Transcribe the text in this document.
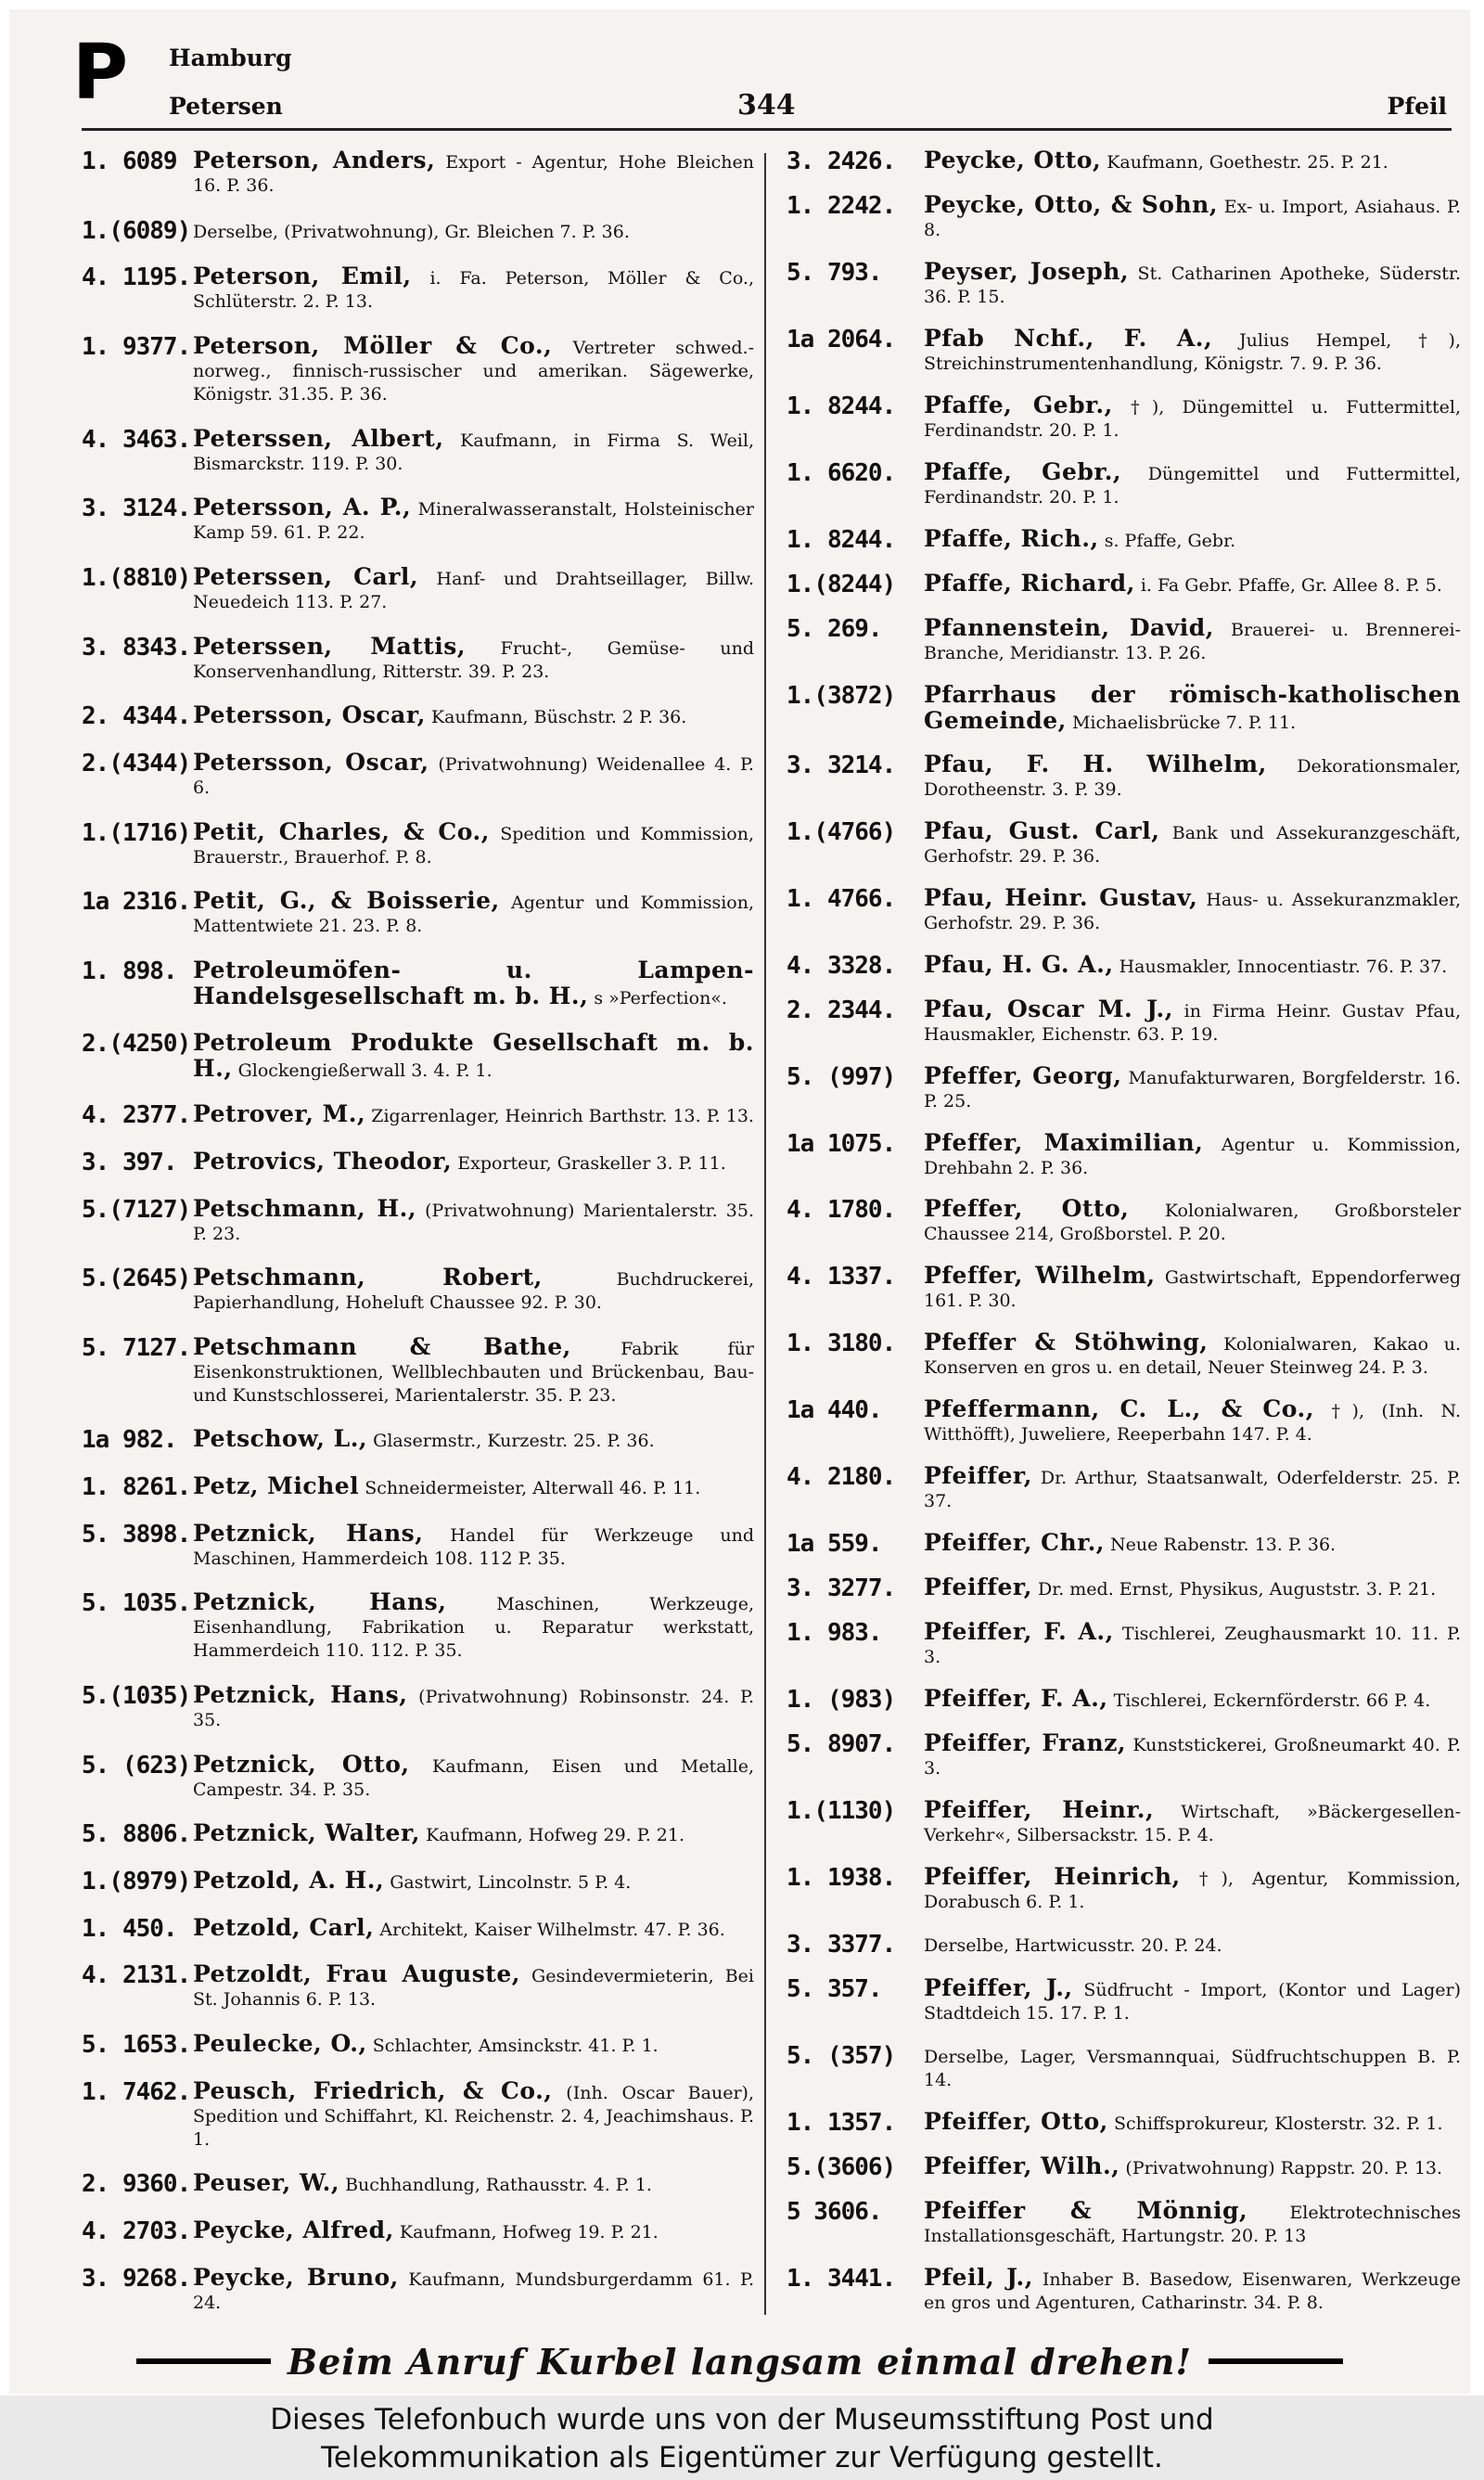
P Hamburg
Petersen	344	Pfeil
1. 6089 Peterson, Anders, Export - Agentur, Hohe Bleichen 16. P. 36.
1.(6089) Derselbe, (Privatwohnung), Gr. Bleichen 7. P. 36.
4. 1195. Peterson, Emil, i. Fa. Peterson, Möller & Co., Schlüterstr. 2. P. 13.
1. 9377. Peterson, Möller & Co., Vertreter schwed.-norweg., finnisch-russischer und amerikan. Sägewerke, Königstr. 31.35. P. 36.
4. 3463. Peterssen, Albert, Kaufmann, in Firma S. Weil, Bismarckstr. 119. P. 30.
3. 3124. Petersson, A. P., Mineralwasseranstalt, Holsteinischer Kamp 59. 61. P. 22.
1.(8810) Peterssen, Carl, Hanf- und Drahtseillager, Billw. Neuedeich 113. P. 27.
3. 8343. Peterssen, Mattis, Frucht-, Gemüse- und Konservenhandlung, Ritterstr. 39. P. 23.
2. 4344. Petersson, Oscar, Kaufmann, Büschstr. 2 P. 36.
2.(4344) Petersson, Oscar, (Privatwohnung) Weidenallee 4. P. 6.
1.(1716) Petit, Charles, & Co., Spedition und Kommission, Brauerstr., Brauerhof. P. 8.
1a 2316. Petit, G., & Boisserie, Agentur und Kommission, Mattentwiete 21. 23. P. 8.
1. 898. Petroleumöfen- u. Lampen-Handelsgesellschaft m. b. H., s »Perfection«.
2.(4250) Petroleum Produkte Gesellschaft m. b. H., Glockengießerwall 3. 4. P. 1.
4. 2377. Petrover, M., Zigarrenlager, Heinrich Barthstr. 13. P. 13.
3. 397. Petrovics, Theodor, Exporteur, Graskeller 3. P. 11.
5.(7127) Petschmann, H., (Privatwohnung) Marientalerstr. 35. P. 23.
5.(2645) Petschmann, Robert,	Buchdruckerei, Papierhandlung, Hoheluft Chaussee 92. P. 30.
5. 7127. Petschmann & Bathe,	Fabrik für Eisenkonstruktionen, Wellblechbauten und Brückenbau, Bau- und Kunstschlosserei, Marientalerstr. 35. P. 23.
1a 982. Petschow, L., Glasermstr., Kurzestr. 25. P. 36.
1. 8261. Petz, Michel Schneidermeister, Alterwall 46. P. 11.
5. 3898. Petznick, Hans, Handel für Werkzeuge und Maschinen, Hammerdeich 108. 112 P. 35.
5. 1035. Petznick, Hans,	Maschinen, Werkzeuge, Eisenhandlung, Fabrikation u. Reparatur werkstatt, Hammerdeich 110. 112. P. 35.
5.(1035) Petznick, Hans, (Privatwohnung) Robinsonstr. 24. P. 35.
5. (623) Petznick, Otto, Kaufmann, Eisen und Metalle, Campestr. 34. P. 35.
5. 8806. Petznick, Walter, Kaufmann, Hofweg 29. P. 21.
1.(8979) Petzold, A. H., Gastwirt, Lincolnstr. 5 P. 4.
1. 450. Petzold, Carl, Architekt, Kaiser Wilhelmstr. 47. P. 36.
4. 2131. Petzoldt, Frau Auguste, Gesindevermieterin, Bei St. Johannis 6. P. 13.
5. 1653. Peulecke, O., Schlachter, Amsinckstr. 41. P. 1.
1. 7462. Peusch, Friedrich, & Co., (Inh. Oscar Bauer), Spedition und Schiffahrt, Kl. Reichenstr. 2. 4, Jeachimshaus. P. 1.
2. 9360. Peuser, W., Buchhandlung, Rathausstr. 4. P. 1.
4. 2703. Peycke, Alfred, Kaufmann, Hofweg 19. P. 21.
3. 9268. Peycke, Bruno, Kaufmann, Mundsburgerdamm 61. P. 24.
3. 2426.	Peycke, Otto, Kaufmann, Goethestr. 25. P. 21.
1. 2242.	Peycke, Otto, & Sohn, Ex- u. Import, Asiahaus. P. 8.
5. 793.	Peyser, Joseph, St. Catharinen Apotheke, Süderstr. 36. P. 15.
1a 2064.	Pfab Nchf., F. A., Julius Hempel, †), Streichinstrumentenhandlung, Königstr. 7. 9. P. 36.
1. 8244.	Pfaffe, Gebr., †), Düngemittel u. Futtermittel, Ferdinandstr. 20. P. 1.
1. 6620.	Pfaffe, Gebr., Düngemittel und Futtermittel, Ferdinandstr. 20. P. 1.
1. 8244.	Pfaffe, Rich., s. Pfaffe, Gebr.
1.(8244)	Pfaffe, Richard, i. Fa Gebr. Pfaffe, Gr. Allee 8. P. 5.
5. 269.	Pfannenstein, David, Brauerei- u. Brennerei-Branche, Meridianstr. 13. P. 26.
1.(3872)	Pfarrhaus der römisch-katholischen Gemeinde, Michaelisbrücke 7. P. 11.
3. 3214.	Pfau, F. H. Wilhelm, Dekorationsmaler, Dorotheenstr. 3. P. 39.
1.(4766)	Pfau, Gust. Carl, Bank und Assekuranzgeschäft, Gerhofstr. 29. P. 36.
1. 4766.	Pfau, Heinr. Gustav, Haus- u. Assekuranzmakler, Gerhofstr. 29. P. 36.
4. 3328.	Pfau, H. G. A., Hausmakler, Innocentiastr. 76. P. 37.
2. 2344.	Pfau, Oscar M. J., in Firma Heinr. Gustav Pfau, Hausmakler, Eichenstr. 63. P. 19.
5. (997)	Pfeffer, Georg, Manufakturwaren, Borgfelderstr. 16. P. 25.
1a 1075.	Pfeffer, Maximilian, Agentur u. Kommission, Drehbahn 2. P. 36.
4. 1780.	Pfeffer, Otto, Kolonialwaren, Großborsteler Chaussee 214, Großborstel. P. 20.
4. 1337.	Pfeffer, Wilhelm, Gastwirtschaft, Eppendorferweg 161. P. 30.
1. 3180.	Pfeffer & Stöhwing, Kolonialwaren, Kakao u. Konserven en gros u. en detail, Neuer Steinweg 24. P. 3.
1a 440.	Pfeffermann, C. L., & Co., †), (Inh. N. Witthöfft), Juweliere, Reeperbahn 147. P. 4.
4. 2180.	Pfeiffer, Dr. Arthur, Staatsanwalt, Oderfelderstr. 25. P. 37.
1a 559.	Pfeiffer, Chr., Neue Rabenstr. 13. P. 36.
3. 3277.	Pfeiffer, Dr. med. Ernst, Physikus, Auguststr. 3. P. 21.
1. 983.	Pfeiffer, F. A., Tischlerei, Zeughausmarkt 10. 11. P. 3.
1. (983)	Pfeiffer, F. A., Tischlerei, Eckernförderstr. 66 P. 4.
5. 8907.	Pfeiffer, Franz, Kunststickerei, Großneumarkt 40. P. 3.
1.(1130)	Pfeiffer, Heinr., Wirtschaft, »Bäckergesellen-Verkehr«, Silbersackstr. 15. P. 4.
1. 1938.	Pfeiffer, Heinrich, †), Agentur, Kommission, Dorabusch 6. P. 1.
3. 3377.	Derselbe, Hartwicusstr. 20. P. 24.
5. 357.	Pfeiffer, J., Südfrucht - Import, (Kontor und Lager) Stadtdeich 15. 17. P. 1.
5. (357)	Derselbe, Lager, Versmannquai, Südfruchtschuppen B. P. 14.
1. 1357.	Pfeiffer, Otto, Schiffsprokureur, Klosterstr. 32. P. 1.
5.(3606)	Pfeiffer, Wilh., (Privatwohnung) Rappstr. 20. P. 13.
5 3606.	Pfeiffer & Mönnig, Elektrotechnisches Installationsgeschäft, Hartungstr. 20. P. 13
1. 3441.	Pfeil, J., Inhaber B. Basedow, Eisenwaren, Werkzeuge en gros und Agenturen, Catharinstr. 34. P. 8.
Beim Anruf Kurbel langsam einmal drehen!
Dieses Telefonbuch wurde uns von der Museumsstiftung Post und
Telekommunikation als Eigentümer zur Verfügung gestellt.
